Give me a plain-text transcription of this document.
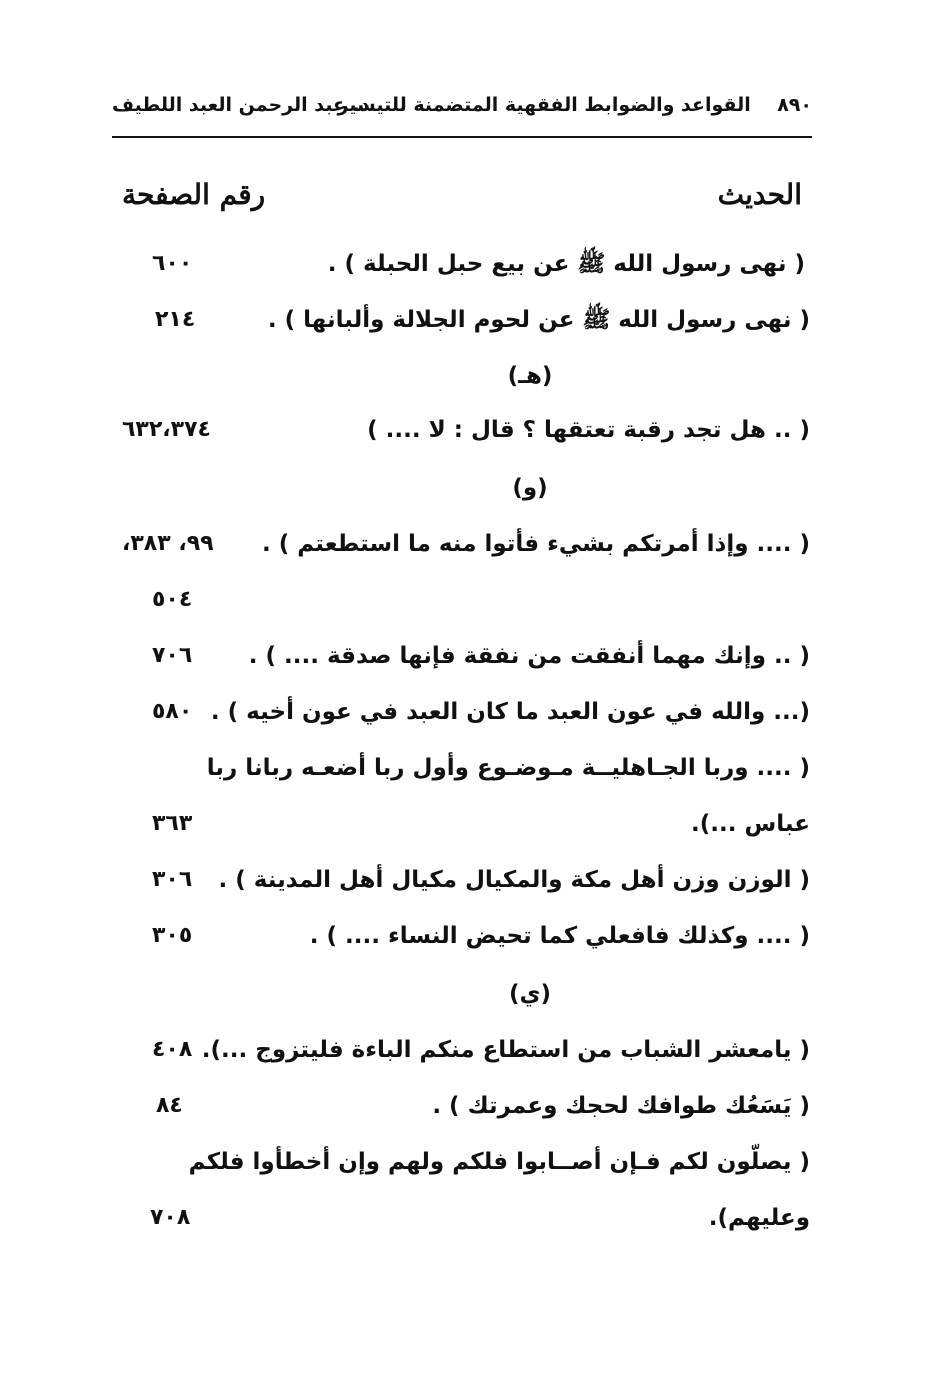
٨٩٠    القواعد والضوابط الفقهية المتضمنة للتيسير
د. عبد الرحمن العبد اللطيف
الحديث
رقم الصفحة
( نهى رسول الله ﷺ عن بيع حبل الحبلة ) .
٦٠٠
( نهى رسول الله ﷺ عن لحوم الجلالة وألبانها ) .
٢١٤
(هـ)
( .. هل تجد رقبة تعتقها ؟ قال : لا .... )
٦٣٢،٣٧٤
(و)
( .... وإذا أمرتكم بشيء فأتوا منه ما استطعتم ) .
٩٩، ٣٨٣،
٥٠٤
( .. وإنك مهما أنفقت من نفقة فإنها صدقة .... ) .
٧٠٦
(... والله في عون العبد ما كان العبد في عون أخيه ) .
٥٨٠
( .... وربا الجـاهليــة مـوضـوع وأول ربا أضعـه ربانا ربا
عباس ...).
٣٦٣
( الوزن وزن أهل مكة والمكيال مكيال أهل المدينة ) .
٣٠٦
( .... وكذلك فافعلي كما تحيض النساء .... ) .
٣٠٥
(ي)
( يامعشر الشباب من استطاع منكم الباءة فليتزوج ...).
٤٠٨
( يَسَعُك طوافك لحجك وعمرتك ) .
٨٤
( يصلّون لكم فـإن أصــابوا فلكم ولهم وإن أخطأوا فلكم
وعليهم).
٧٠٨
